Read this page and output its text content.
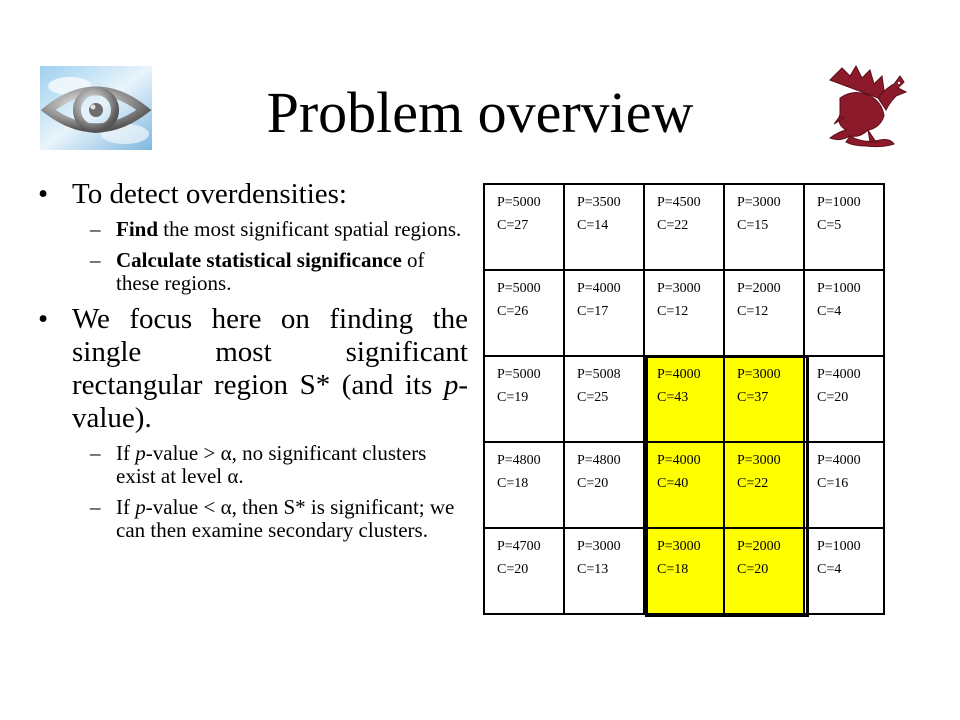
Problem overview
• To detect overdensities:
– Find the most significant spatial regions.
– Calculate statistical significance of these regions.
• We focus here on finding the single most significant rectangular region S* (and its p-value).
– If p-value > α, no significant clusters exist at level α.
– If p-value < α, then S* is significant; we can then examine secondary clusters.
P=5000
C=27
P=3500
C=14
P=4500
C=22
P=3000
C=15
P=1000
C=5
P=5000
C=26
P=4000
C=17
P=3000
C=12
P=2000
C=12
P=1000
C=4
P=5000
C=19
P=5008
C=25
P=4000
C=43
P=3000
C=37
P=4000
C=20
P=4800
C=18
P=4800
C=20
P=4000
C=40
P=3000
C=22
P=4000
C=16
P=4700
C=20
P=3000
C=13
P=3000
C=18
P=2000
C=20
P=1000
C=4
